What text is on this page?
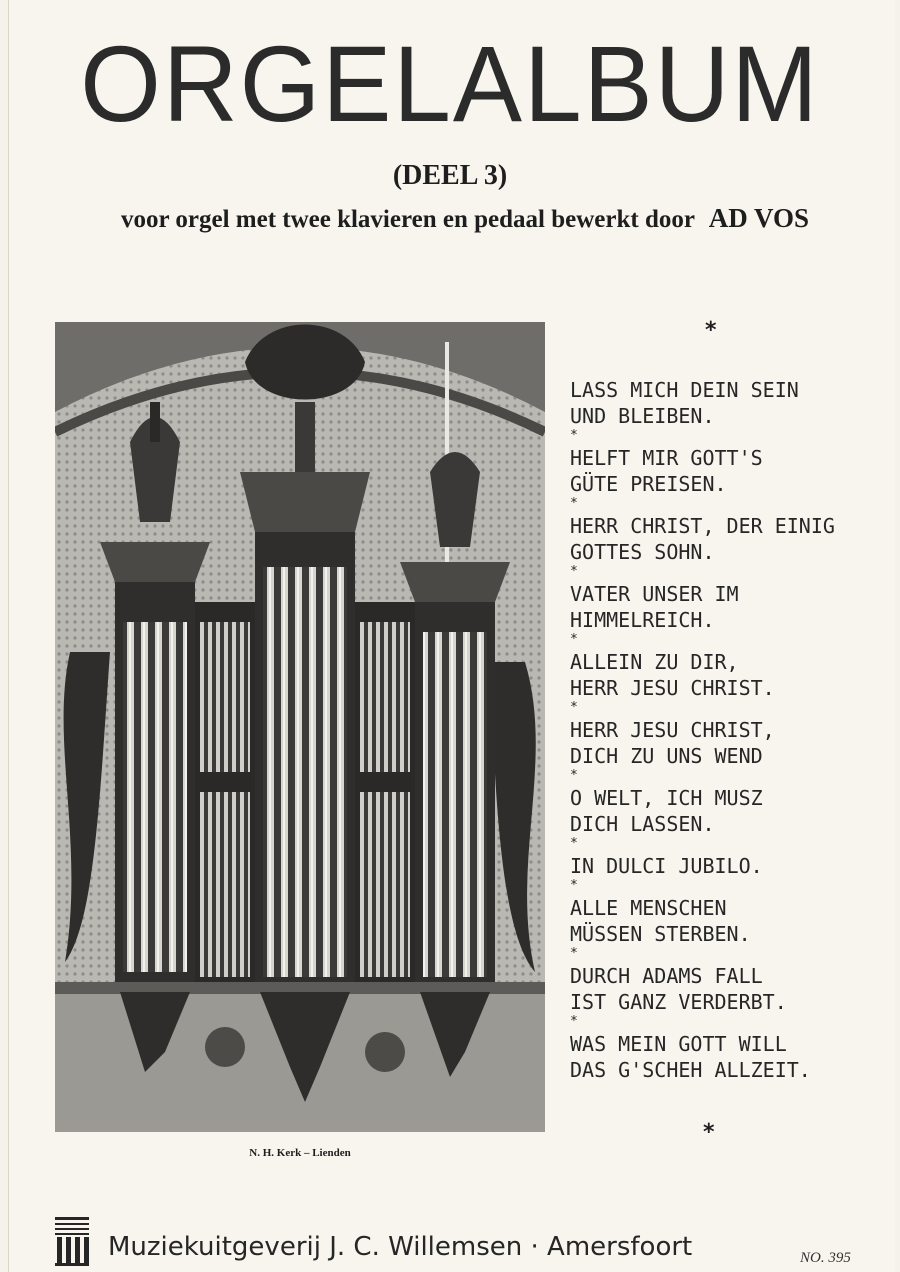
ORGELALBUM
(DEEL 3)
voor orgel met twee klavieren en pedaal bewerkt door AD VOS
N. H. Kerk – Lienden
*
LASS MICH DEIN SEIN
UND BLEIBEN.
*
HELFT MIR GOTT'S
GÜTE PREISEN.
*
HERR CHRIST, DER EINIG
GOTTES SOHN.
*
VATER UNSER IM
HIMMELREICH.
*
ALLEIN ZU DIR,
HERR JESU CHRIST.
*
HERR JESU CHRIST,
DICH ZU UNS WEND
*
O WELT, ICH MUSZ
DICH LASSEN.
*
IN DULCI JUBILO.
*
ALLE MENSCHEN
MÜSSEN STERBEN.
*
DURCH ADAMS FALL
IST GANZ VERDERBT.
*
WAS MEIN GOTT WILL
DAS G'SCHEH ALLZEIT.
*
Muziekuitgeverij J. C. Willemsen · Amersfoort	NO. 395
